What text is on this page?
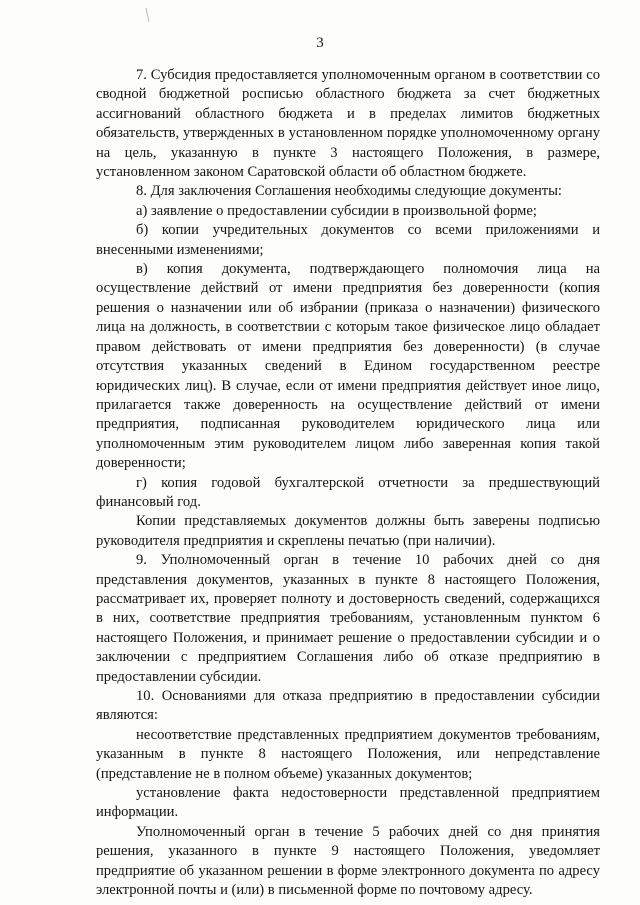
3

7. Субсидия предоставляется уполномоченным органом в соответствии со сводной бюджетной росписью областного бюджета за счет бюджетных ассигнований областного бюджета и в пределах лимитов бюджетных обязательств, утвержденных в установленном порядке уполномоченному органу на цель, указанную в пункте 3 настоящего Положения, в размере, установленном законом Саратовской области об областном бюджете.

8. Для заключения Соглашения необходимы следующие документы:

а) заявление о предоставлении субсидии в произвольной форме;

б) копии учредительных документов со всеми приложениями и внесенными изменениями;

в) копия документа, подтверждающего полномочия лица на осуществление действий от имени предприятия без доверенности (копия решения о назначении или об избрании (приказа о назначении) физического лица на должность, в соответствии с которым такое физическое лицо обладает правом действовать от имени предприятия без доверенности) (в случае отсутствия указанных сведений в Едином государственном реестре юридических лиц). В случае, если от имени предприятия действует иное лицо, прилагается также доверенность на осуществление действий от имени предприятия, подписанная руководителем юридического лица или уполномоченным этим руководителем лицом либо заверенная копия такой доверенности;

г) копия годовой бухгалтерской отчетности за предшествующий финансовый год.

Копии представляемых документов должны быть заверены подписью руководителя предприятия и скреплены печатью (при наличии).

9. Уполномоченный орган в течение 10 рабочих дней со дня представления документов, указанных в пункте 8 настоящего Положения, рассматривает их, проверяет полноту и достоверность сведений, содержащихся в них, соответствие предприятия требованиям, установленным пунктом 6 настоящего Положения, и принимает решение о предоставлении субсидии и о заключении с предприятием Соглашения либо об отказе предприятию в предоставлении субсидии.

10. Основаниями для отказа предприятию в предоставлении субсидии являются:

несоответствие представленных предприятием документов требованиям, указанным в пункте 8 настоящего Положения, или непредставление (представление не в полном объеме) указанных документов;

установление факта недостоверности представленной предприятием информации.

Уполномоченный орган в течение 5 рабочих дней со дня принятия решения, указанного в пункте 9 настоящего Положения, уведомляет предприятие об указанном решении в форме электронного документа по адресу электронной почты и (или) в письменной форме по почтовому адресу.
